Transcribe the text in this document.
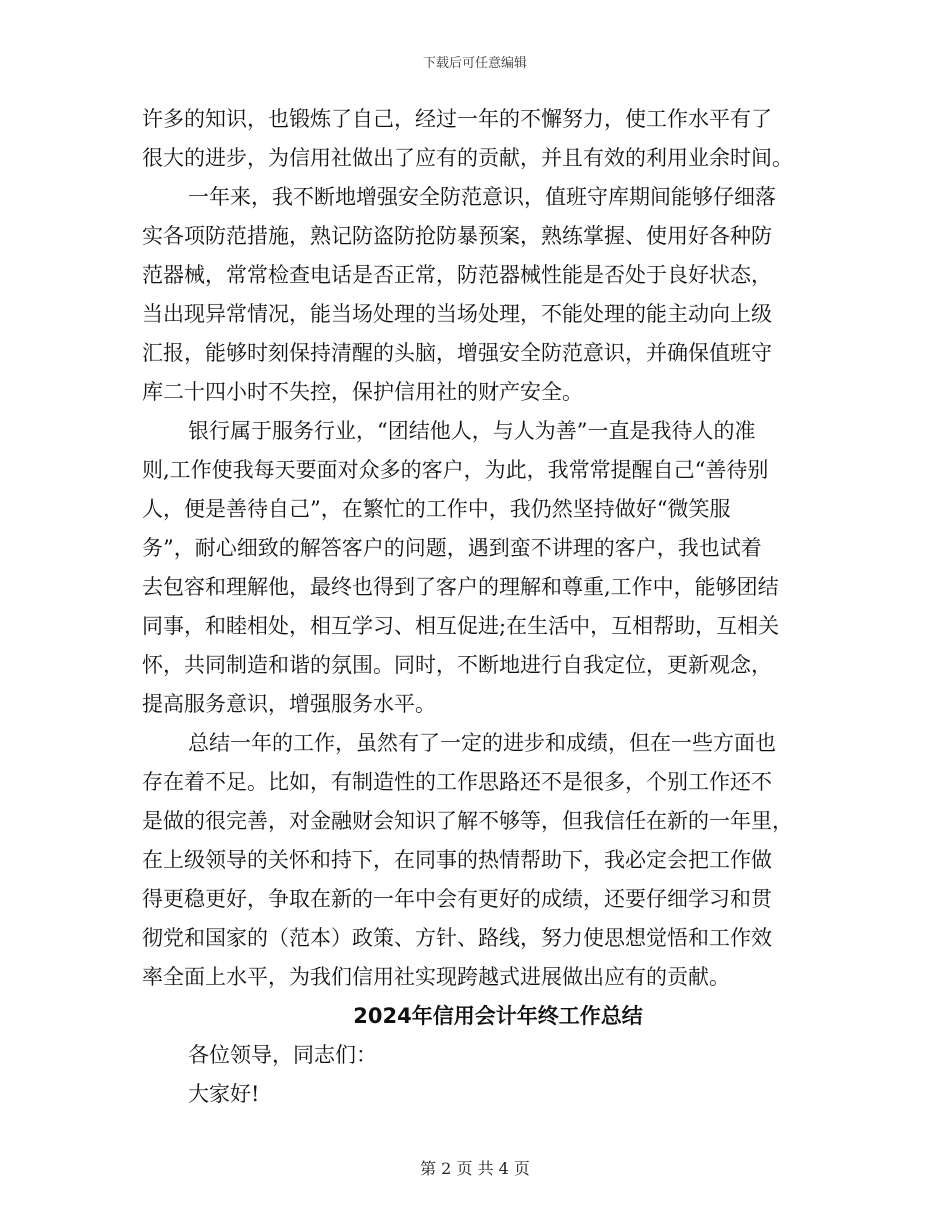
下载后可任意编辑

许多的知识，也锻炼了自己，经过一年的不懈努力，使工作水平有了

很大的进步，为信用社做出了应有的贡献，并且有效的利用业余时间。

一年来，我不断地增强安全防范意识，值班守库期间能够仔细落

实各项防范措施，熟记防盗防抢防暴预案，熟练掌握、使用好各种防

范器械，常常检查电话是否正常，防范器械性能是否处于良好状态，

当出现异常情况，能当场处理的当场处理，不能处理的能主动向上级

汇报，能够时刻保持清醒的头脑，增强安全防范意识，并确保值班守

库二十四小时不失控，保护信用社的财产安全。

银行属于服务行业，“团结他人，与人为善”一直是我待人的准

则,工作使我每天要面对众多的客户，为此，我常常提醒自己“善待别

人，便是善待自己”，在繁忙的工作中，我仍然坚持做好“微笑服

务”，耐心细致的解答客户的问题，遇到蛮不讲理的客户，我也试着

去包容和理解他，最终也得到了客户的理解和尊重,工作中，能够团结

同事，和睦相处，相互学习、相互促进;在生活中，互相帮助，互相关

怀，共同制造和谐的氛围。同时，不断地进行自我定位，更新观念，

提高服务意识，增强服务水平。

总结一年的工作，虽然有了一定的进步和成绩，但在一些方面也

存在着不足。比如，有制造性的工作思路还不是很多，个别工作还不

是做的很完善，对金融财会知识了解不够等，但我信任在新的一年里，

在上级领导的关怀和持下，在同事的热情帮助下，我必定会把工作做

得更稳更好，争取在新的一年中会有更好的成绩，还要仔细学习和贯

彻党和国家的（范本）政策、方针、路线，努力使思想觉悟和工作效

率全面上水平，为我们信用社实现跨越式进展做出应有的贡献。

2024年信用会计年终工作总结

各位领导，同志们：

大家好!

第 2 页 共 4 页
